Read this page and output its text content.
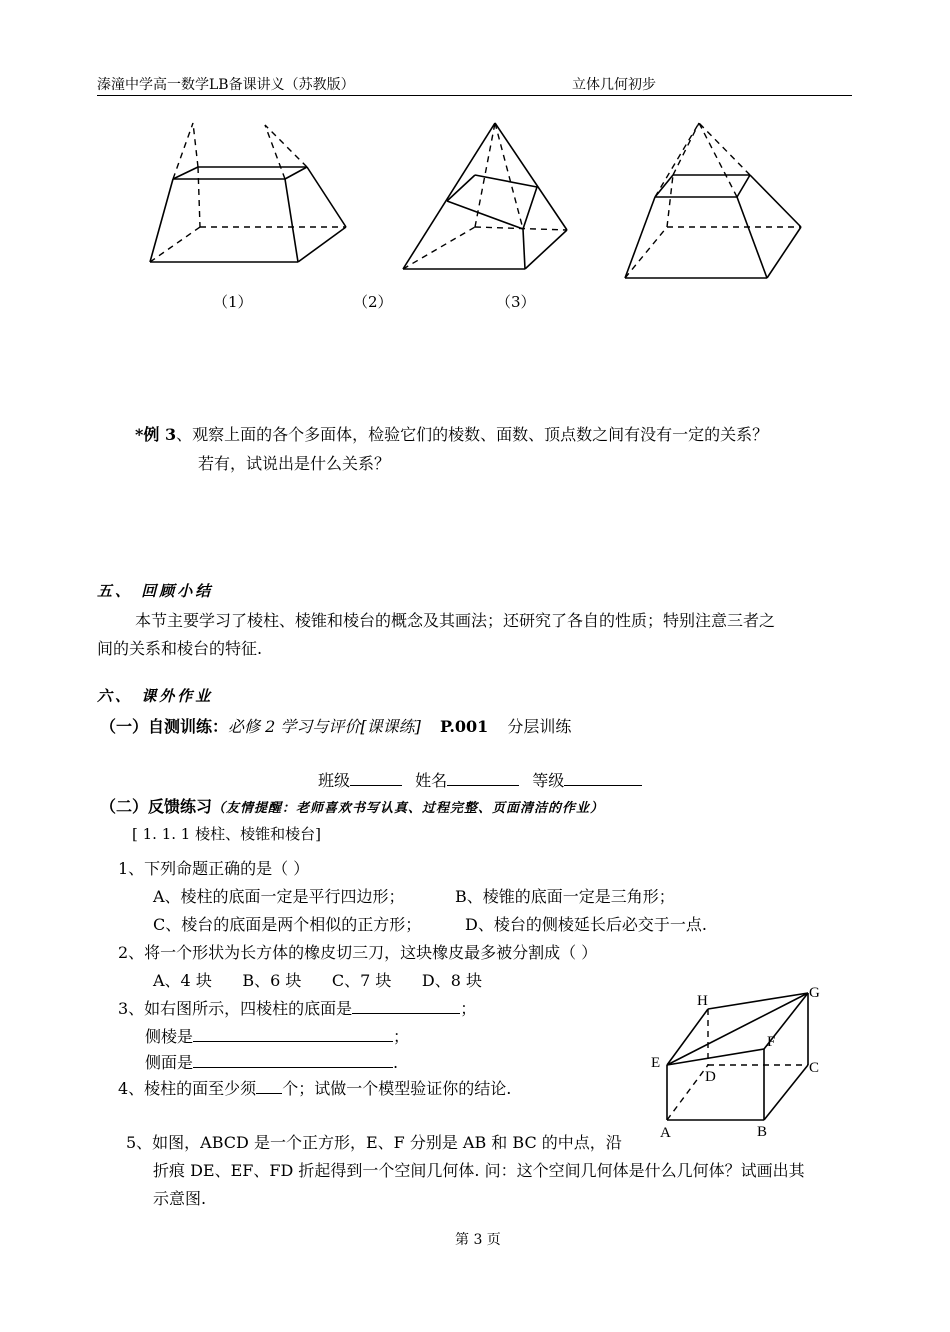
溱潼中学高一数学LB备课讲义（苏教版）	立体几何初步
（1）	（2）	（3）
*例 3、观察上面的各个多面体，检验它们的棱数、面数、顶点数之间有没有一定的关系？
若有，试说出是什么关系？
五、 回顾小结
本节主要学习了棱柱、棱锥和棱台的概念及其画法；还研究了各自的性质；特别注意三者之
间的关系和棱台的特征.
六、 课外作业
（一）自测训练：必修 2 学习与评价[课课练] P.001 分层训练
班级	姓名	等级
（二）反馈练习（友情提醒：老师喜欢书写认真、过程完整、页面清洁的作业）
[ 1. 1. 1 棱柱、棱锥和棱台]
1、下列命题正确的是（ ）
A、棱柱的底面一定是平行四边形；	B、棱锥的底面一定是三角形；
C、棱台的底面是两个相似的正方形；	D、棱台的侧棱延长后必交于一点.
2、将一个形状为长方体的橡皮切三刀，这块橡皮最多被分割成（ ）
A、4 块      B、6 块      C、7 块      D、8 块
3、如右图所示，四棱柱的底面是	；
侧棱是	；
侧面是	.
4、棱柱的面至少须 个；试做一个模型验证你的结论.
5、如图，ABCD 是一个正方形，E、F 分别是 AB 和 BC 的中点，沿
折痕 DE、EF、FD 折起得到一个空间几何体. 问：这个空间几何体是什么几何体？试画出其
示意图.
H	G
E
F
D
C
A	B
第 3 页
